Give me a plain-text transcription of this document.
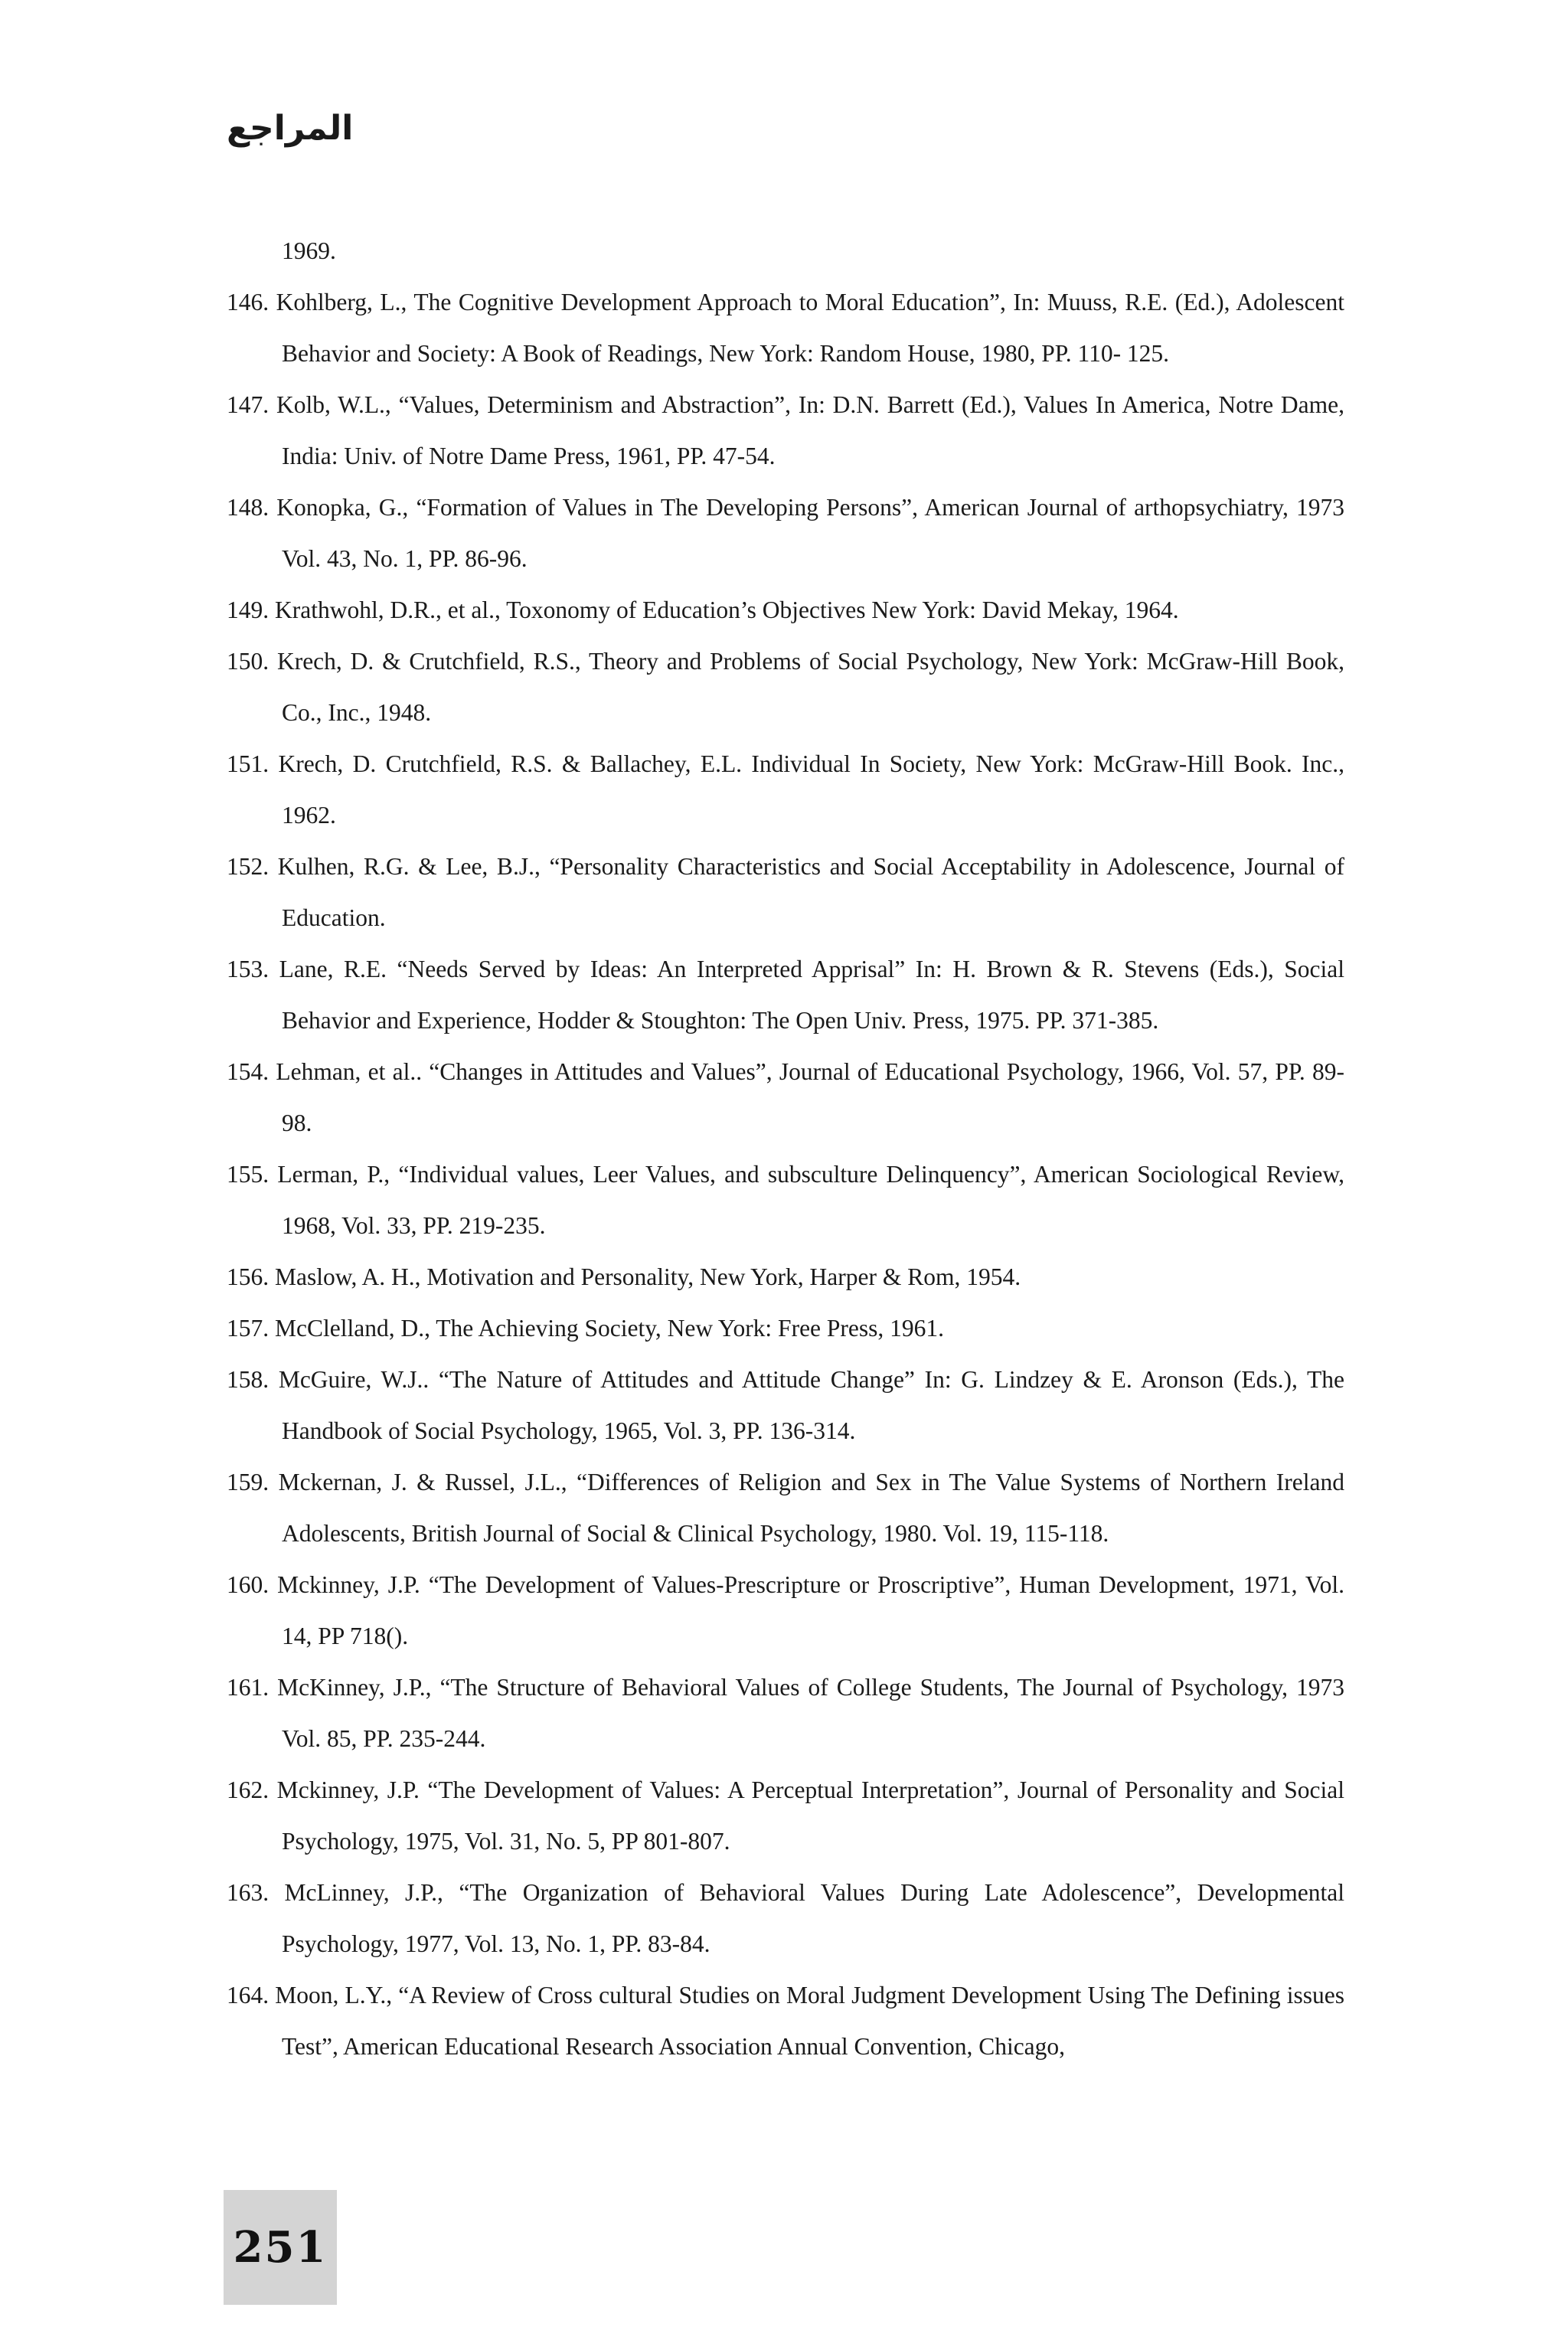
المراجع
1969.
146. Kohlberg, L., The Cognitive Development Approach to Moral Education”, In: Muuss, R.E. (Ed.), Adolescent Behavior and Society: A Book of Readings, New York: Random House, 1980, PP. 110- 125.
147. Kolb, W.L., “Values, Determinism and Abstraction”, In: D.N. Barrett (Ed.), Values In America, Notre Dame, India: Univ. of Notre Dame Press, 1961, PP. 47-54.
148. Konopka, G., “Formation of Values in The Developing Persons”, American Journal of arthopsychiatry, 1973 Vol. 43, No. 1, PP. 86-96.
149. Krathwohl, D.R., et al., Toxonomy of Education’s Objectives New York: David Mekay, 1964.
150. Krech, D. & Crutchfield, R.S., Theory and Problems of Social Psychology, New York: McGraw-Hill Book, Co., Inc., 1948.
151. Krech, D. Crutchfield, R.S. & Ballachey, E.L. Individual In Society, New York: McGraw-Hill Book. Inc., 1962.
152. Kulhen, R.G. & Lee, B.J., “Personality Characteristics and Social Acceptability in Adolescence, Journal of Education.
153. Lane, R.E. “Needs Served by Ideas: An Interpreted Apprisal” In: H. Brown & R. Stevens (Eds.), Social Behavior and Experience, Hodder & Stoughton: The Open Univ. Press, 1975. PP. 371-385.
154. Lehman, et al.. “Changes in Attitudes and Values”, Journal of Educational Psychology, 1966, Vol. 57, PP. 89-98.
155. Lerman, P., “Individual values, Leer Values, and subsculture Delinquency”, American Sociological Review, 1968, Vol. 33, PP. 219-235.
156. Maslow, A. H., Motivation and Personality, New York, Harper & Rom, 1954.
157. McClelland, D., The Achieving Society, New York: Free Press, 1961.
158. McGuire, W.J.. “The Nature of Attitudes and Attitude Change” In: G. Lindzey & E. Aronson (Eds.), The Handbook of Social Psychology, 1965, Vol. 3, PP. 136-314.
159. Mckernan, J. & Russel, J.L., “Differences of Religion and Sex in The Value Systems of Northern Ireland Adolescents, British Journal of Social & Clinical Psychology, 1980. Vol. 19, 115-118.
160. Mckinney, J.P. “The Development of Values-Prescripture or Proscriptive”, Human Development, 1971, Vol. 14, PP 718().
161. McKinney, J.P., “The Structure of Behavioral Values of College Students, The Journal of Psychology, 1973 Vol. 85, PP. 235-244.
162. Mckinney, J.P. “The Development of Values: A Perceptual Interpretation”, Journal of Personality and Social Psychology, 1975, Vol. 31, No. 5, PP 801-807.
163. McLinney, J.P., “The Organization of Behavioral Values During Late Adolescence”, Developmental Psychology, 1977, Vol. 13, No. 1, PP. 83-84.
164. Moon, L.Y., “A Review of Cross cultural Studies on Moral Judgment Development Using The Defining issues Test”, American Educational Research Association Annual Convention, Chicago,
251
